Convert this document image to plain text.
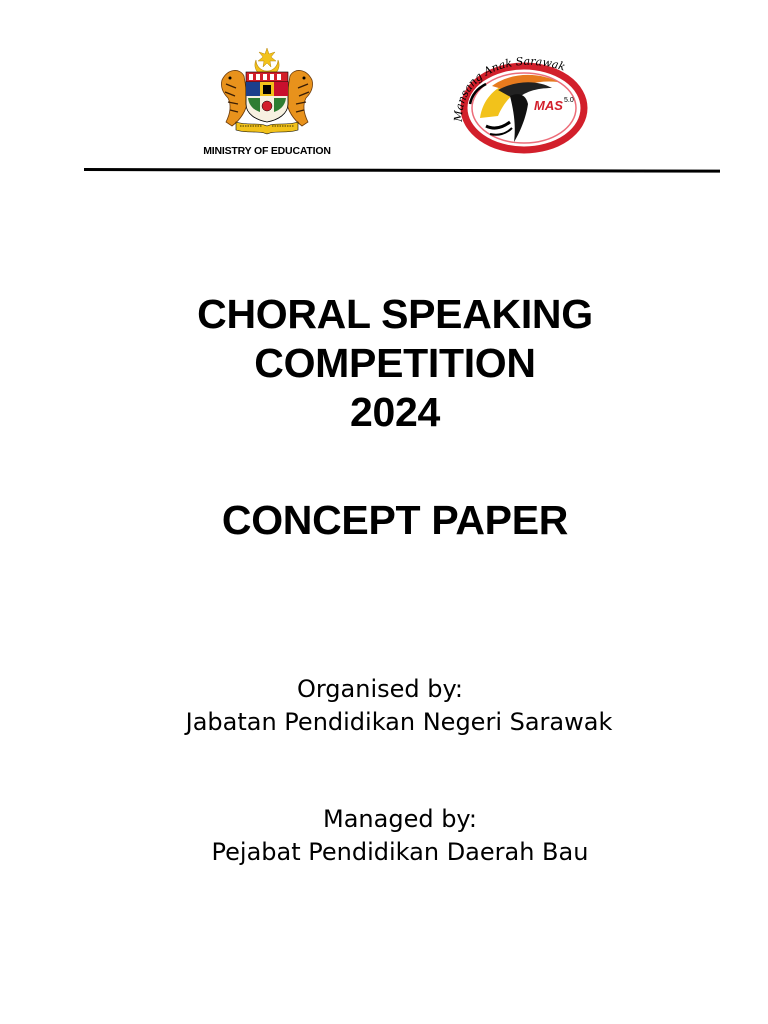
MINISTRY OF EDUCATION
Mansang Anak Sarawak
MAS 5.0
CHORAL SPEAKING
COMPETITION
2024
CONCEPT PAPER
Organised by:
Jabatan Pendidikan Negeri Sarawak
Managed by:
Pejabat Pendidikan Daerah Bau
